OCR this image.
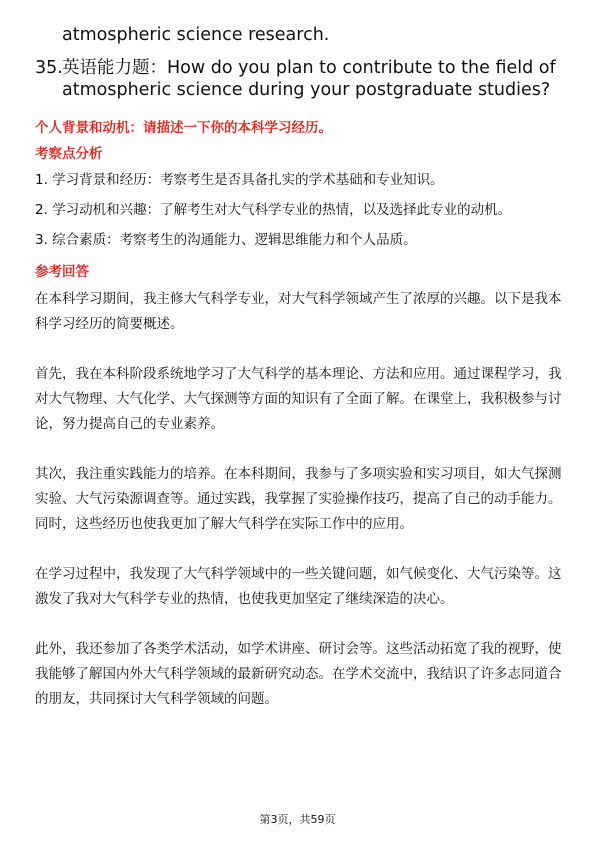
atmospheric science research.
35. 英语能力题：How do you plan to contribute to the field of atmospheric science during your postgraduate studies?
个人背景和动机：请描述一下你的本科学习经历。
考察点分析
1. 学习背景和经历：考察考生是否具备扎实的学术基础和专业知识。
2. 学习动机和兴趣：了解考生对大气科学专业的热情，以及选择此专业的动机。
3. 综合素质：考察考生的沟通能力、逻辑思维能力和个人品质。
参考回答

在本科学习期间，我主修大气科学专业，对大气科学领域产生了浓厚的兴趣。以下是我本科学习经历的简要概述。

首先，我在本科阶段系统地学习了大气科学的基本理论、方法和应用。通过课程学习，我对大气物理、大气化学、大气探测等方面的知识有了全面了解。在课堂上，我积极参与讨论，努力提高自己的专业素养。

其次，我注重实践能力的培养。在本科期间，我参与了多项实验和实习项目，如大气探测实验、大气污染源调查等。通过实践，我掌握了实验操作技巧，提高了自己的动手能力。同时，这些经历也使我更加了解大气科学在实际工作中的应用。

在学习过程中，我发现了大气科学领域中的一些关键问题，如气候变化、大气污染等。这激发了我对大气科学专业的热情，也使我更加坚定了继续深造的决心。

此外，我还参加了各类学术活动，如学术讲座、研讨会等。这些活动拓宽了我的视野，使我能够了解国内外大气科学领域的最新研究动态。在学术交流中，我结识了许多志同道合的朋友，共同探讨大气科学领域的问题。

第3页，共59页
